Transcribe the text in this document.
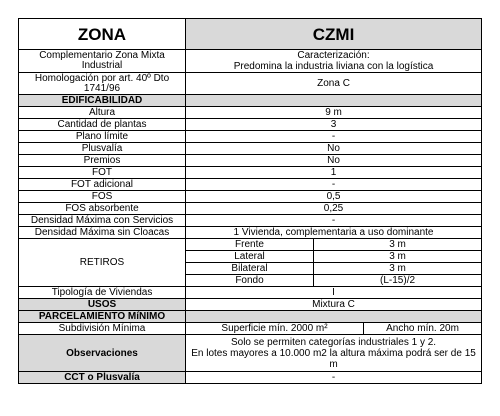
ZONA	CZMI		
Complementario Zona Mixta Industrial	Caracterización:
Predomina la industria liviana con la logística		

Homologación por art. 40º Dto 1741/96	Zona C		
EDIFICABILIDAD			
Altura	9 m		
Cantidad de plantas	3		
Plano límite	-		
Plusvalía	No		
Premios	No		
FOT	1		
FOT adicional	-		
FOS	0,5		
FOS absorbente	0,25		
Densidad Máxima con Servicios	-		
Densidad Máxima sin Cloacas	1 Vivienda, complementaria a uso dominante		
RETIROS	Frente	3 m	
	Lateral	3 m	
	Bilateral	3 m	
	Fondo	(L-15)/2	
Tipología de Viviendas	I		
USOS	Mixtura C		
PARCELAMIENTO MíNIMO			
Subdivisión Mínima	Superficie mín. 2000 m²		Ancho mín. 20m
Observaciones	Solo se permiten categorías industriales 1 y 2.
En lotes mayores a 10.000 m2 la altura máxima podrá ser de 15 m		

CCT o Plusvalía	-		
